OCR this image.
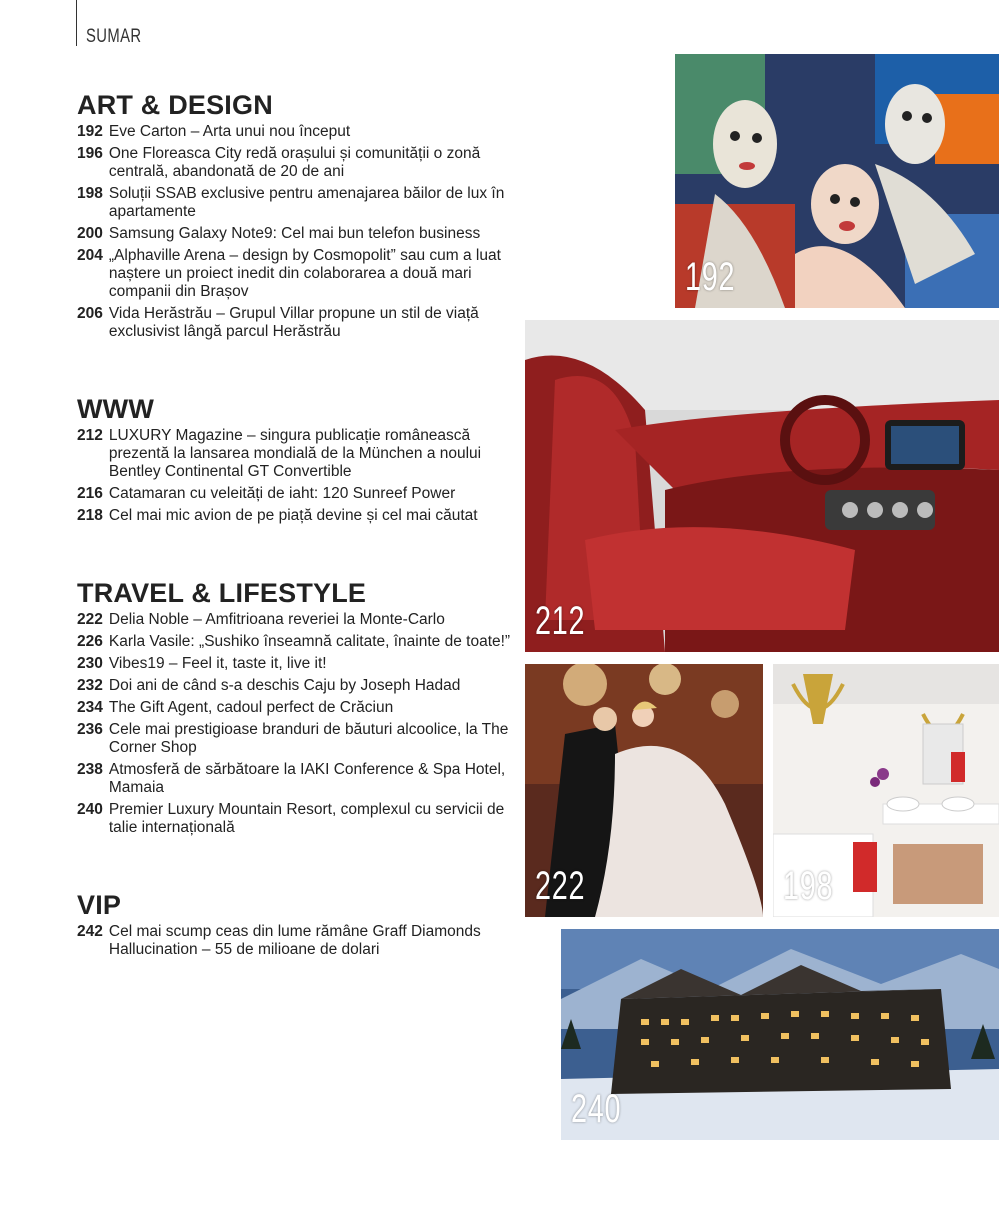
SUMAR
ART & DESIGN
192 Eve Carton – Arta unui nou început
196 One Floreasca City redă orașului și comunității o zonă centrală, abandonată de 20 de ani
198 Soluții SSAB exclusive pentru amenajarea băilor de lux în apartamente
200 Samsung Galaxy Note9: Cel mai bun telefon business
204 „Alphaville Arena – design by Cosmopolit” sau cum a luat naștere un proiect inedit din colaborarea a două mari companii din Brașov
206 Vida Herăstrău – Grupul Villar propune un stil de viață exclusivist lângă parcul Herăstrău
WWW
212 LUXURY Magazine – singura publicație românească prezentă la lansarea mondială de la München a noului Bentley Continental GT Convertible
216 Catamaran cu veleități de iaht: 120 Sunreef Power
218 Cel mai mic avion de pe piață devine și cel mai căutat
TRAVEL & LIFESTYLE
222 Delia Noble – Amfitrioana reveriei la Monte-Carlo
226 Karla Vasile: „Sushiko înseamnă calitate, înainte de toate!”
230 Vibes19 – Feel it, taste it, live it!
232 Doi ani de când s-a deschis Caju by Joseph Hadad
234 The Gift Agent, cadoul perfect de Crăciun
236 Cele mai prestigioase branduri de băuturi alcoolice, la The Corner Shop
238 Atmosferă de sărbătoare la IAKI Conference & Spa Hotel, Mamaia
240 Premier Luxury Mountain Resort, complexul cu servicii de talie internațională
VIP
242 Cel mai scump ceas din lume rămâne Graff Diamonds Hallucination – 55 de milioane de dolari
192
212
222	198
240
